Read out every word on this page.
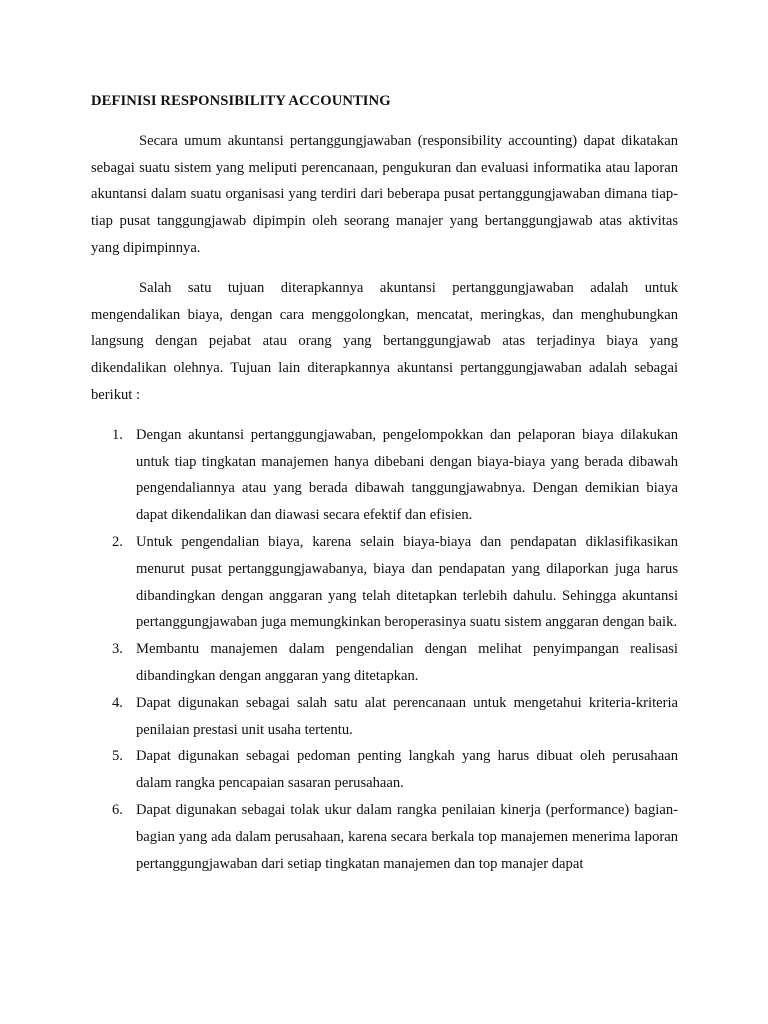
DEFINISI RESPONSIBILITY ACCOUNTING

Secara umum akuntansi pertanggungjawaban (responsibility accounting) dapat dikatakan sebagai suatu sistem yang meliputi perencanaan, pengukuran dan evaluasi informatika atau laporan akuntansi dalam suatu organisasi yang terdiri dari beberapa pusat pertanggungjawaban dimana tiap-tiap pusat tanggungjawab dipimpin oleh seorang manajer yang bertanggungjawab atas aktivitas yang dipimpinnya.

Salah satu tujuan diterapkannya akuntansi pertanggungjawaban adalah untuk mengendalikan biaya, dengan cara menggolongkan, mencatat, meringkas, dan menghubungkan langsung dengan pejabat atau orang yang bertanggungjawab atas terjadinya biaya yang dikendalikan olehnya. Tujuan lain diterapkannya akuntansi pertanggungjawaban adalah sebagai berikut :

1. Dengan akuntansi pertanggungjawaban, pengelompokkan dan pelaporan biaya dilakukan untuk tiap tingkatan manajemen hanya dibebani dengan biaya-biaya yang berada dibawah pengendaliannya atau yang berada dibawah tanggungjawabnya. Dengan demikian biaya dapat dikendalikan dan diawasi secara efektif dan efisien.
2. Untuk pengendalian biaya, karena selain biaya-biaya dan pendapatan diklasifikasikan menurut pusat pertanggungjawabanya, biaya dan pendapatan yang dilaporkan juga harus dibandingkan dengan anggaran yang telah ditetapkan terlebih dahulu. Sehingga akuntansi pertanggungjawaban juga memungkinkan beroperasinya suatu sistem anggaran dengan baik.
3. Membantu manajemen dalam pengendalian dengan melihat penyimpangan realisasi dibandingkan dengan anggaran yang ditetapkan.
4. Dapat digunakan sebagai salah satu alat perencanaan untuk mengetahui kriteria-kriteria penilaian prestasi unit usaha tertentu.
5. Dapat digunakan sebagai pedoman penting langkah yang harus dibuat oleh perusahaan dalam rangka pencapaian sasaran perusahaan.
6. Dapat digunakan sebagai tolak ukur dalam rangka penilaian kinerja (performance) bagian-bagian yang ada dalam perusahaan, karena secara berkala top manajemen menerima laporan pertanggungjawaban dari setiap tingkatan manajemen dan top manajer dapat
